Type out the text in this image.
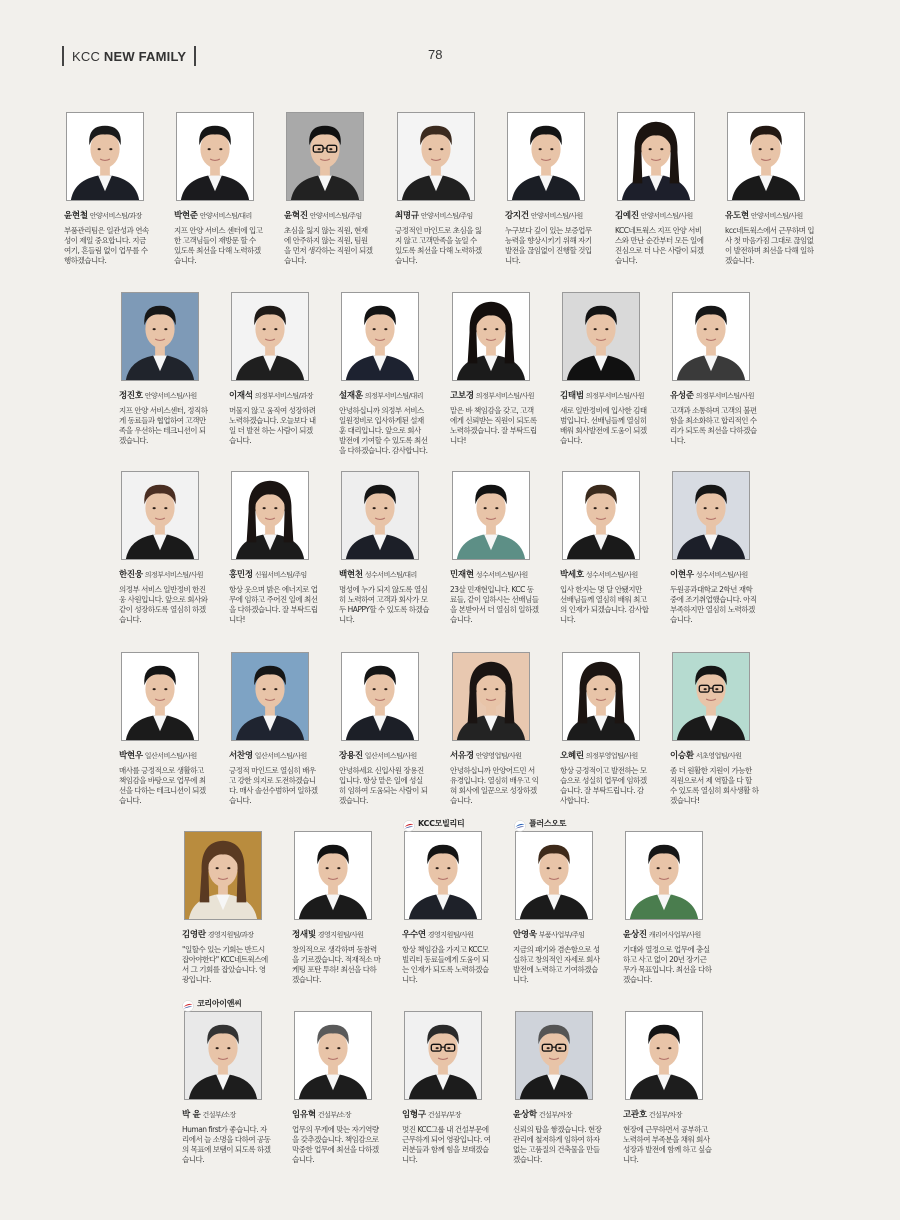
KCC NEW FAMILY	78
윤현철 안양서비스팀/과장
부품관리팀은 일관성과 연속성이 제일 중요합니다. 지금 여기, 흔들림 없이 업무를 수행하겠습니다.
박현준 안양서비스팀/대리
지프 안양 서비스 센터에 입고한 고객님들이 재방문 할 수 있도록 최선을 다해 노력하겠습니다.
윤혁진 안양서비스팀/주임
초심을 잃지 않는 직원, 현재에 안주하지 않는 직원, 팀원을 먼저 생각하는 직원이 되겠습니다.
최명규 안양서비스팀/주임
긍정적인 마인드로 초심을 잃지 않고 고객만족을 높일 수 있도록 최선을 다해 노력하겠습니다.
강지건 안양서비스팀/사원
누구보다 깊이 있는 보증업무능력을 향상시키기 위해 자기발전을 끊임없이 진행할 것입니다.
김예진 안양서비스팀/사원
KCC네트웍스 지프 안양 서비스와 만난 순간부터 모든 일에 진심으로 더 나은 사람이 되겠습니다.
유도현 안양서비스팀/사원
kcc네트웍스에서 근무하며 입사 첫 마음가짐 그대로 끊임없이 발전하며 최선을 다해 일하겠습니다.
정진호 안양서비스팀/사원
지프 안양 서비스센터, 정직하게 동료들과 협업하여 고객만족을 우선하는 테크니션이 되겠습니다.
이재석 의정부서비스팀/과장
머물지 않고 움직여 성장하려 노력하겠습니다. 오늘보다 내일 더 발전 하는 사람이 되겠습니다.
설재훈 의정부서비스팀/대리
안녕하십니까 의정부 서비스 일원정비로 입사하게된 설재훈 대리입니다. 앞으로 회사 발전에 기여할 수 있도록 최선을 다하겠습니다. 감사합니다.
고보경 의정부서비스팀/사원
맡은 바 책임감을 갖고, 고객에게 신뢰받는 직원이 되도록 노력하겠습니다. 잘 부탁드립니다!
김태범 의정부서비스팀/사원
새로 일반정비에 입사한 김태범입니다. 선배님들께 열심히 배워 회사발전에 도움이 되겠습니다.
유성준 의정부서비스팀/사원
고객과 소통하며 고객의 불편함을 최소화하고 합리적인 수리가 되도록 최선을 다하겠습니다.
한진웅 의정부서비스팀/사원
의정부 서비스 일반정비 한진웅 사원입니다. 앞으로 회사와 같이 성장하도록 열심히 하겠습니다.
홍민정 신월서비스팀/주임
항상 웃으며 밝은 에너지로 업무에 임하고 주어진 일에 최선을 다하겠습니다. 잘 부탁드립니다!
백현천 성수서비스팀/대리
명성에 누가 되지 않도록 열심히 노력하여 고객과 회사가 모두 HAPPY할 수 있도록 하겠습니다.
민재현 성수서비스팀/사원
23살 민재현입니다. KCC 동료들, 같이 일하시는 선배님들을 본받아서 더 열심히 일하겠습니다.
박세호 성수서비스팀/사원
입사 한지는 몇 달 안됐지만 선배님들께 열심히 배워 최고의 인재가 되겠습니다. 감사합니다.
이현우 성수서비스팀/사원
두원공과대학교 2학년 재학 중에 조기취업했습니다. 아직 부족하지만 열심히 노력하겠습니다.
박현우 일산서비스팀/사원
매사를 긍정적으로 생활하고 책임감을 바탕으로 업무에 최선을 다하는 테크니션이 되겠습니다.
서찬영 일산서비스팀/사원
긍정적 마인드로 열심히 배우고 강한 의지로 도전하겠습니다. 매사 솔선수범하여 일하겠습니다.
장용진 일산서비스팀/사원
안녕하세요 신입사원 장용진입니다. 항상 맡은 일에 성실히 임하여 도움되는 사람이 되겠습니다.
서유경 안양영업팀/사원
안녕하십니까 안양어드민 서유경입니다. 열심히 배우고 익혀 회사에 일꾼으로 성장하겠습니다.
오혜린 의정부영업팀/사원
항상 긍정적이고 발전하는 모습으로 성실히 업무에 임하겠습니다. 잘 부탁드립니다. 감사합니다.
이승환 서초영업팀/사원
좀 더 원활한 지원이 가능한 직원으로서 제 역할을 다 할 수 있도록 열심히 회사생활 하겠습니다!
김영란 경영지원팀/과장
"일할수 있는 기회는 반드시 잡아야한다" KCC네트웍스에서 그 기회를 잡았습니다. 영광입니다.
정새빛 경영지원팀/사원
창의적으로 생각하며 동참력을 기르겠습니다. 적재적소 마케팅 포탄 투하! 최선을 다하겠습니다.
우수연 경영지원팀/사원
항상 책임감을 가지고 KCC모빌리티 동료들에게 도움이 되는 인재가 되도록 노력하겠습니다.
안영욱 부품사업부/주임
지금의 패기와 겸손함으로 성실하고 창의적인 자세로 회사 발전에 노력하고 기여하겠습니다.
윤상진 캐리어사업부/사원
기대와 열정으로 업무에 충실하고 사고 없이 20년 장기근무가 목표입니다. 최선을 다하겠습니다.
박 윤 건설부/소장
Human first가 좋습니다. 자리에서 늘 소명을 다하여 공동의 목표에 보탬이 되도록 하겠습니다.
임유혁 건설부/소장
업무의 무게에 맞는 자기역량을 갖추겠습니다. 책임감으로 막중한 업무에 최선을 다하겠습니다.
임형구 건설부/부장
멋진 KCC그룹 내 건설부문에 근무하게 되어 영광입니다. 여러분들과 함께 힘을 보태겠습니다.
윤상학 건설부/차장
신뢰의 탑을 쌓겠습니다. 현장관리에 철저하게 임하여 하자 없는 고품질의 건축물을 만들겠습니다.
고관호 건설부/차장
현장에 근무하면서 공부하고 노력하여 부족분을 채워 회사 성장과 발전에 함께 하고 싶습니다.
KCC모빌리티	플러스오토
코리아이앤씨
